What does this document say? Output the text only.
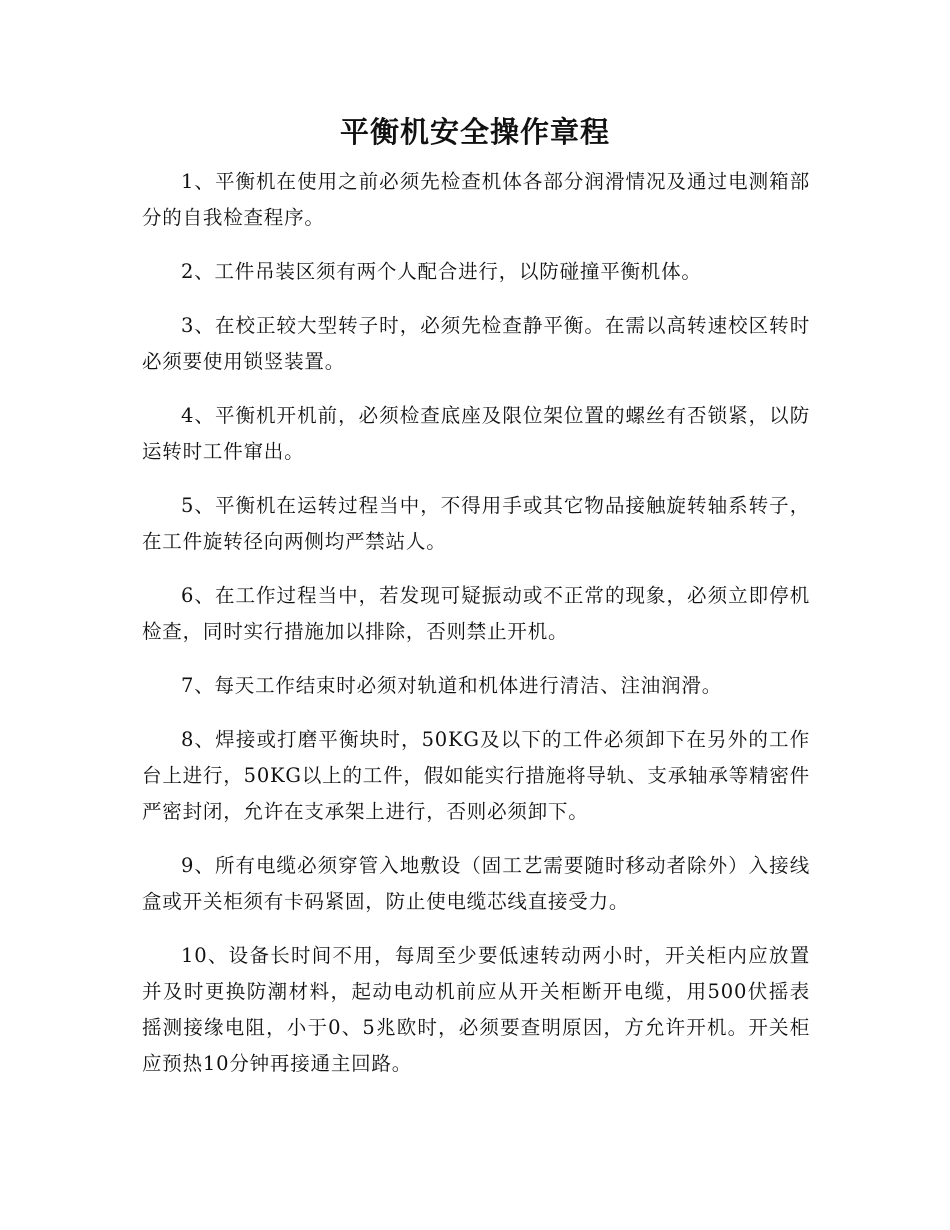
平衡机安全操作章程

1、平衡机在使用之前必须先检查机体各部分润滑情况及通过电测箱部分的自我检查程序。

2、工件吊装区须有两个人配合进行，以防碰撞平衡机体。

3、在校正较大型转子时，必须先检查静平衡。在需以高转速校区转时必须要使用锁竖装置。

4、平衡机开机前，必须检查底座及限位架位置的螺丝有否锁紧，以防运转时工件窜出。

5、平衡机在运转过程当中，不得用手或其它物品接触旋转轴系转子，在工件旋转径向两侧均严禁站人。

6、在工作过程当中，若发现可疑振动或不正常的现象，必须立即停机检查，同时实行措施加以排除，否则禁止开机。

7、每天工作结束时必须对轨道和机体进行清洁、注油润滑。

8、焊接或打磨平衡块时，50KG及以下的工件必须卸下在另外的工作台上进行，50KG以上的工件，假如能实行措施将导轨、支承轴承等精密件严密封闭，允许在支承架上进行，否则必须卸下。

9、所有电缆必须穿管入地敷设（固工艺需要随时移动者除外）入接线盒或开关柜须有卡码紧固，防止使电缆芯线直接受力。

10、设备长时间不用，每周至少要低速转动两小时，开关柜内应放置并及时更换防潮材料，起动电动机前应从开关柜断开电缆，用500伏摇表摇测接缘电阻，小于0、5兆欧时，必须要查明原因，方允许开机。开关柜应预热10分钟再接通主回路。
